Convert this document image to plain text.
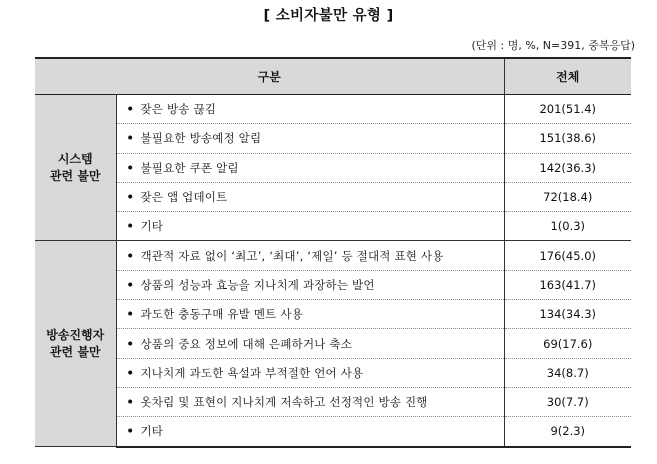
[ 소비자불만 유형 ]
(단위 : 명, %, N=391, 중복응답)
구분		전체

시스템
관련 불만	• 잦은 방송 끊김	201(51.4)
	• 불필요한 방송예정 알림	151(38.6)
	• 불필요한 쿠폰 알림	142(36.3)
	• 잦은 앱 업데이트	72(18.4)
	• 기타	1(0.3)

방송진행자
관련 불만	• 객관적 자료 없이 ‘최고’, ‘최대’, ‘제일’ 등 절대적 표현 사용	176(45.0)
	• 상품의 성능과 효능을 지나치게 과장하는 발언	163(41.7)
	• 과도한 충동구매 유발 멘트 사용	134(34.3)
	• 상품의 중요 정보에 대해 은폐하거나 축소	69(17.6)
	• 지나치게 과도한 욕설과 부적절한 언어 사용	34(8.7)
	• 옷차림 및 표현이 지나치게 저속하고 선정적인 방송 진행	30(7.7)
	• 기타	9(2.3)
